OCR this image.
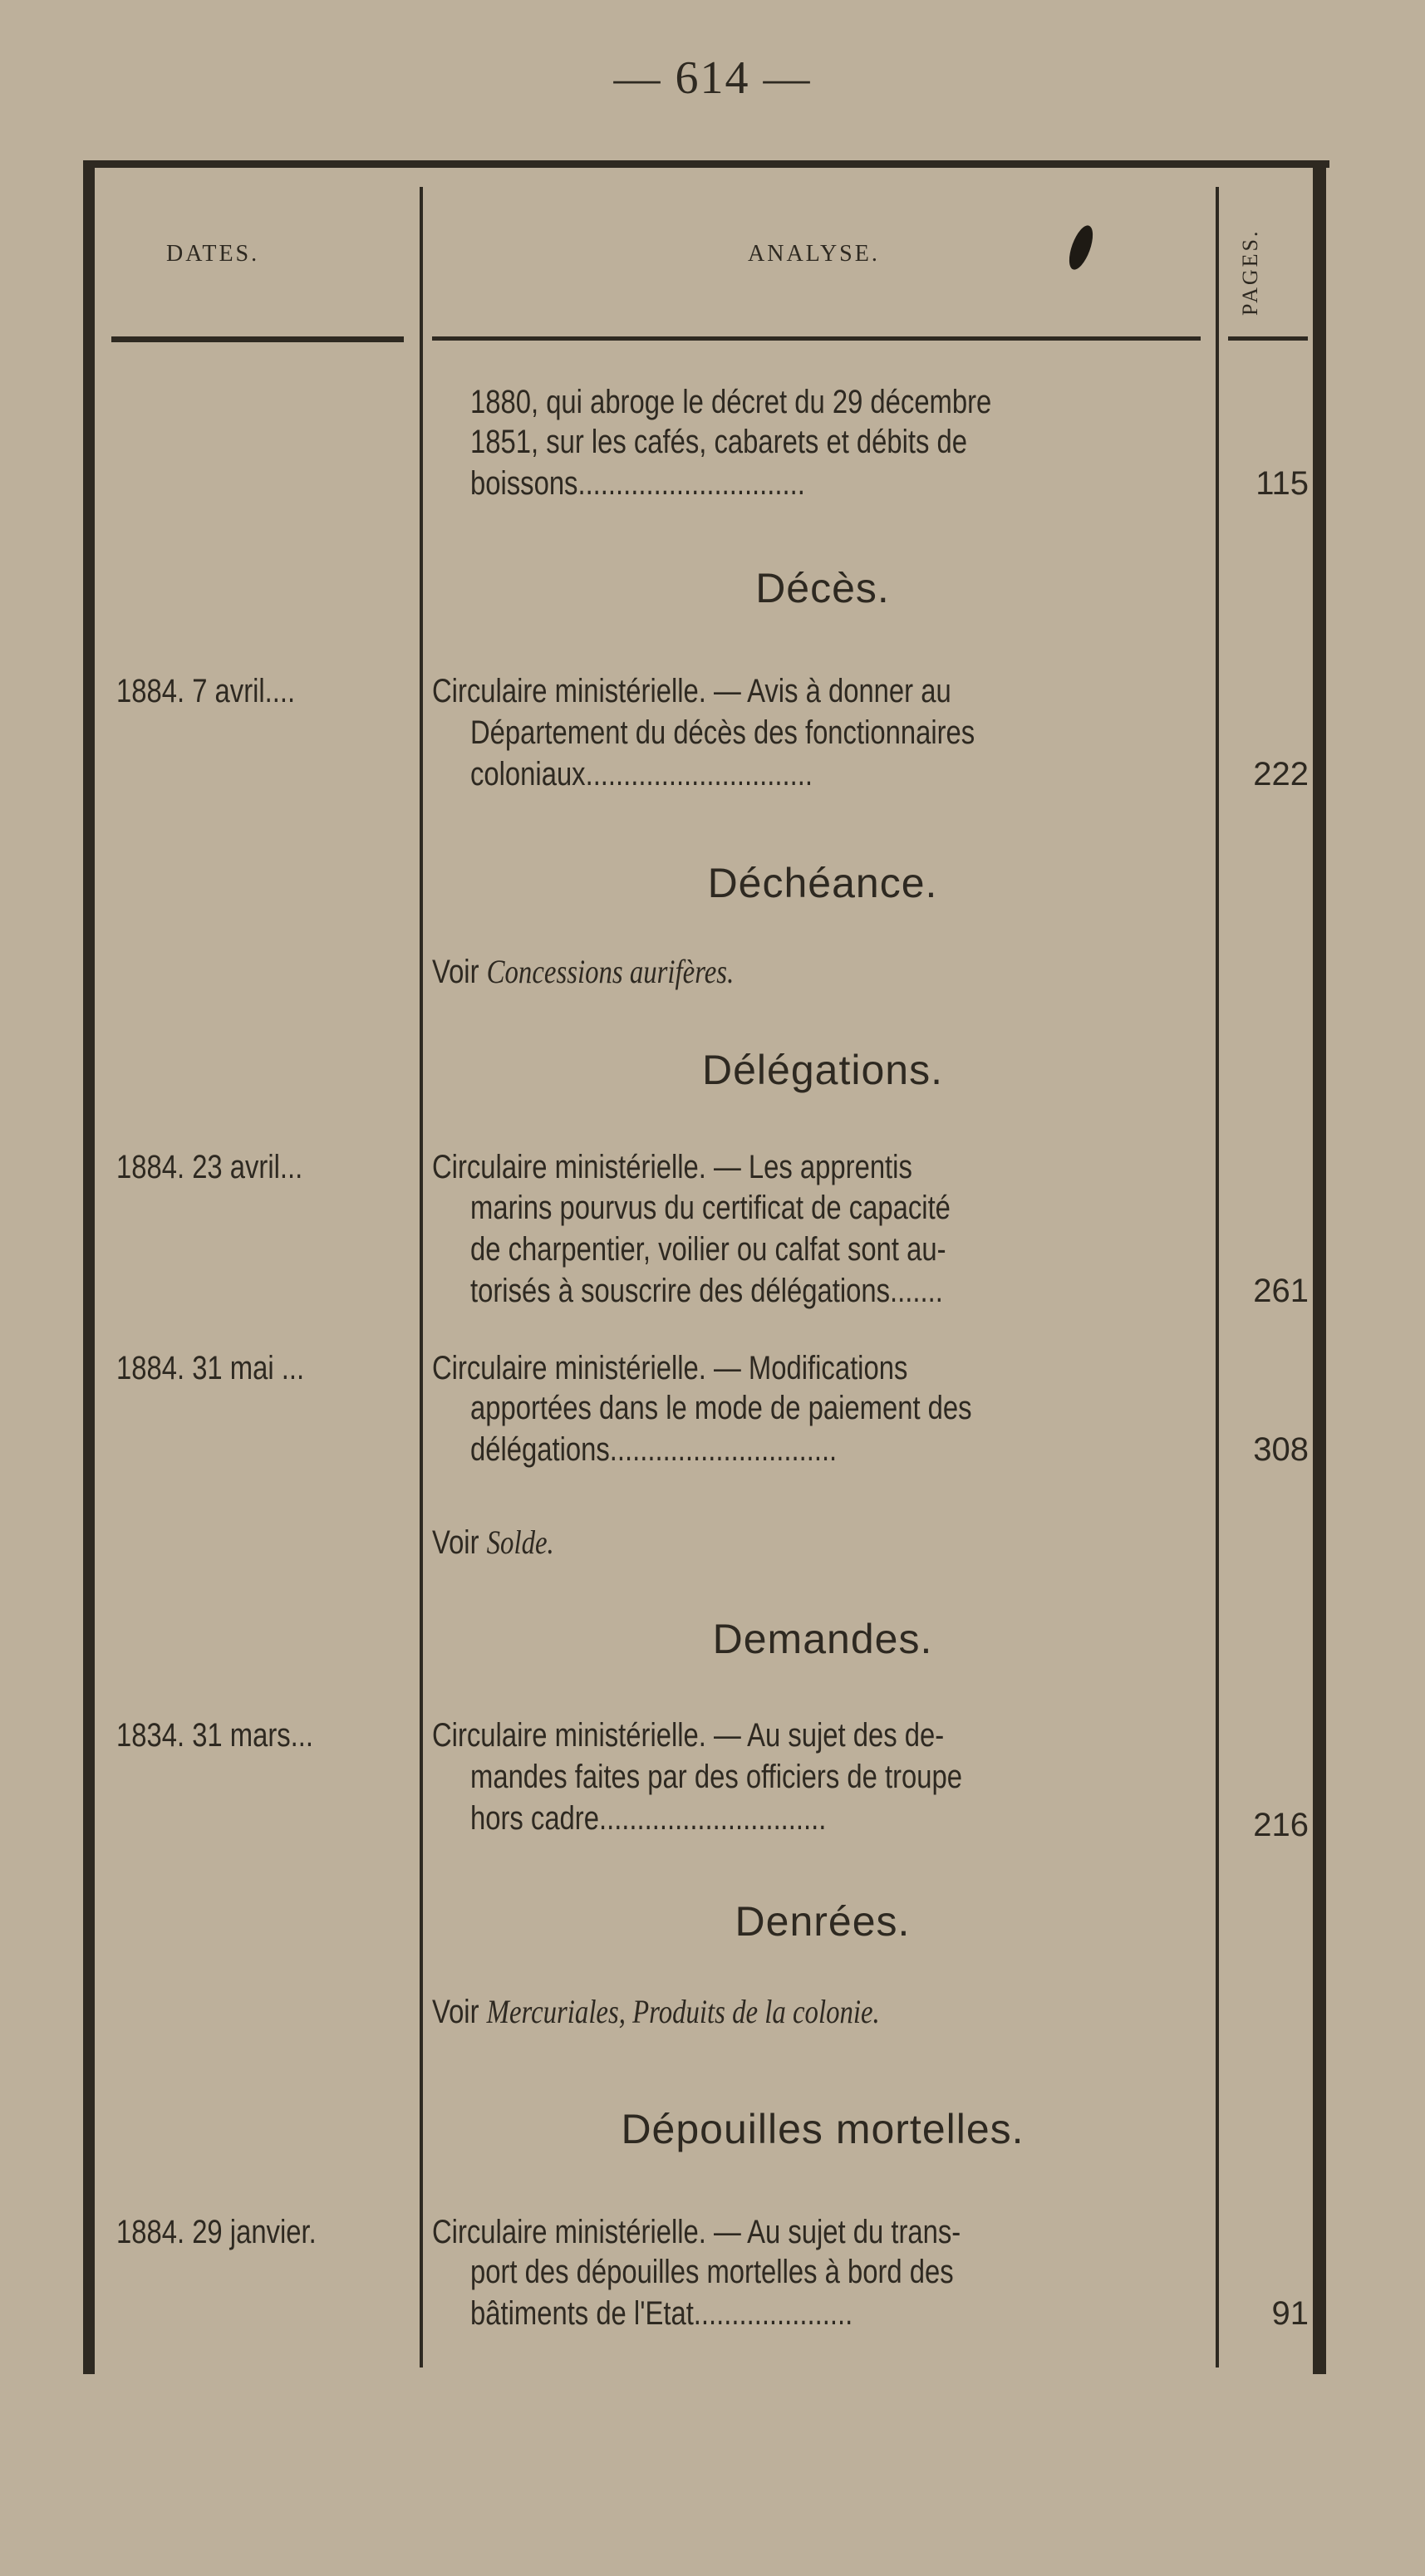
— 614 —
DATES.	ANALYSE.	PAGES.
1880, qui abroge le décret du 29 décembre
1851, sur les cafés, cabarets et débits de
boissons..............................	115
Décès.
1884. 7 avril....	Circulaire ministérielle. — Avis à donner au
Département du décès des fonctionnaires
coloniaux..............................	222
Déchéance.
Voir Concessions aurifères.
Délégations.
1884. 23 avril...	Circulaire ministérielle. — Les apprentis
marins pourvus du certificat de capacité
de charpentier, voilier ou calfat sont au-
torisés à souscrire des délégations.......	261
1884. 31 mai ...	Circulaire ministérielle. — Modifications
apportées dans le mode de paiement des
délégations..............................	308
Voir Solde.
Demandes.
1834. 31 mars...	Circulaire ministérielle. — Au sujet des de-
mandes faites par des officiers de troupe
hors cadre..............................	216
Denrées.
Voir Mercuriales, Produits de la colonie.
Dépouilles mortelles.
1884. 29 janvier.	Circulaire ministérielle. — Au sujet du trans-
port des dépouilles mortelles à bord des
bâtiments de l'Etat.....................	91
